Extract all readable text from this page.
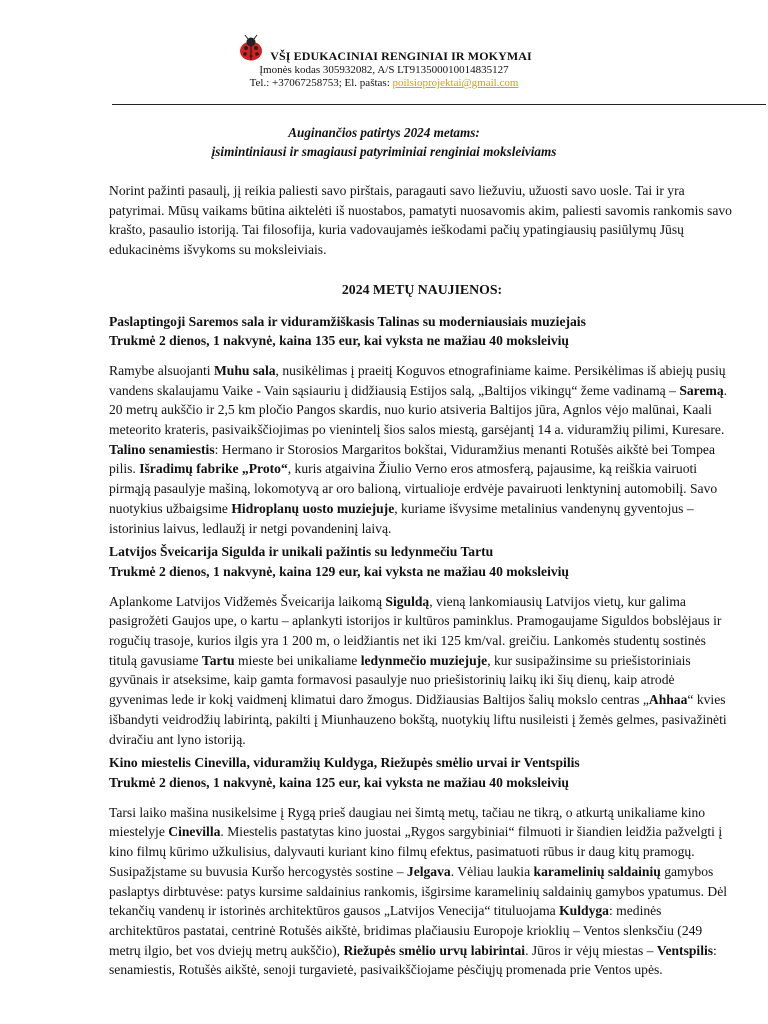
VŠĮ EDUKACINIAI RENGINIAI IR MOKYMAI
Įmonės kodas 305932082, A/S LT913500010014835127
Tel.: +37067258753; El. paštas: poilsioprojektai@gmail.com
Auginančios patirtys 2024 metams:
įsimintiniausi ir smagiausi patyriminiai renginiai moksleiviams

Norint pažinti pasaulį, jį reikia paliesti savo pirštais, paragauti savo liežuviu, užuosti savo uosle. Tai ir yra patyrimai. Mūsų vaikams būtina aiktelėti iš nuostabos, pamatyti nuosavomis akim, paliesti savomis rankomis savo krašto, pasaulio istoriją. Tai filosofija, kuria vadovaujamės ieškodami pačių ypatingiausių pasiūlymų Jūsų edukacinėms išvykoms su moksleiviais.

2024 METŲ NAUJIENOS:

Paslaptingoji Saremos sala ir viduramžiškasis Talinas su moderniausiais muziejais

Trukmė 2 dienos, 1 nakvynė, kaina 135 eur, kai vyksta ne mažiau 40 moksleivių

Ramybe alsuojanti Muhu sala, nusikėlimas į praeitį Koguvos etnografiniame kaime. Persikėlimas iš abiejų pusių vandens skalaujamu Vaike - Vain sąsiauriu į didžiausią Estijos salą, „Baltijos vikingų“ žeme vadinamą – Saremą. 20 metrų aukščio ir 2,5 km pločio Pangos skardis, nuo kurio atsiveria Baltijos jūra, Agnlos vėjo malūnai, Kaali meteorito krateris, pasivaikščiojimas po vienintelį šios salos miestą, garsėjantį 14 a. viduramžių pilimi, Kuresare. Talino senamiestis: Hermano ir Storosios Margaritos bokštai, Viduramžius menanti Rotušės aikštė bei Tompea pilis. Išradimų fabrike „Proto“, kuris atgaivina Žiulio Verno eros atmosferą, pajausime, ką reiškia vairuoti pirmąją pasaulyje mašiną, lokomotyvą ar oro balioną, virtualioje erdvėje pavairuoti lenktyninį automobilį. Savo nuotykius užbaigsime Hidroplanų uosto muziejuje, kuriame išvysime metalinius vandenynų gyventojus – istorinius laivus, ledlaužį ir netgi povandeninį laivą.

Latvijos Šveicarija Sigulda ir unikali pažintis su ledynmečiu Tartu

Trukmė 2 dienos, 1 nakvynė, kaina 129 eur, kai vyksta ne mažiau 40 moksleivių

Aplankome Latvijos Vidžemės Šveicarija laikomą Siguldą, vieną lankomiausių Latvijos vietų, kur galima pasigrožėti Gaujos upe, o kartu – aplankyti istorijos ir kultūros paminklus. Pramogaujame Siguldos bobslėjaus ir rogučių trasoje, kurios ilgis yra 1 200 m, o leidžiantis net iki 125 km/val. greičiu. Lankomės studentų sostinės titulą gavusiame Tartu mieste bei unikaliame ledynmečio muziejuje, kur susipažinsime su priešistoriniais gyvūnais ir atseksime, kaip gamta formavosi pasaulyje nuo priešistorinių laikų iki šių dienų, kaip atrodė gyvenimas lede ir kokį vaidmenį klimatui daro žmogus. Didžiausias Baltijos šalių mokslo centras „Ahhaa“ kvies išbandyti veidrodžių labirintą, pakilti į Miunhauzeno bokštą, nuotykių liftu nusileisti į žemės gelmes, pasivažinėti dviračiu ant lyno istoriją.

Kino miestelis Cinevilla, viduramžių Kuldyga, Riežupės smėlio urvai ir Ventspilis

Trukmė 2 dienos, 1 nakvynė, kaina 125 eur, kai vyksta ne mažiau 40 moksleivių

Tarsi laiko mašina nusikelsime į Rygą prieš daugiau nei šimtą metų, tačiau ne tikrą, o atkurtą unikaliame kino miestelyje Cinevilla. Miestelis pastatytas kino juostai „Rygos sargybiniai“ filmuoti ir šiandien leidžia pažvelgti į kino filmų kūrimo užkulisius, dalyvauti kuriant kino filmų efektus, pasimatuoti rūbus ir daug kitų pramogų. Susipažįstame su buvusia Kuršo hercogystės sostine – Jelgava. Vėliau laukia karamelinių saldainių gamybos paslaptys dirbtuvėse: patys kursime saldainius rankomis, išgirsime karamelinių saldainių gamybos ypatumus. Dėl tekančių vandenų ir istorinės architektūros gausos „Latvijos Venecija“ tituluojama Kuldyga: medinės architektūros pastatai, centrinė Rotušės aikštė, bridimas plačiausiu Europoje krioklių – Ventos slenksčiu (249 metrų ilgio, bet vos dviejų metrų aukščio), Riežupės smėlio urvų labirintai. Jūros ir vėjų miestas – Ventspilis: senamiestis, Rotušės aikštė, senoji turgavietė, pasivaikščiojame pėsčiųjų promenada prie Ventos upės.
